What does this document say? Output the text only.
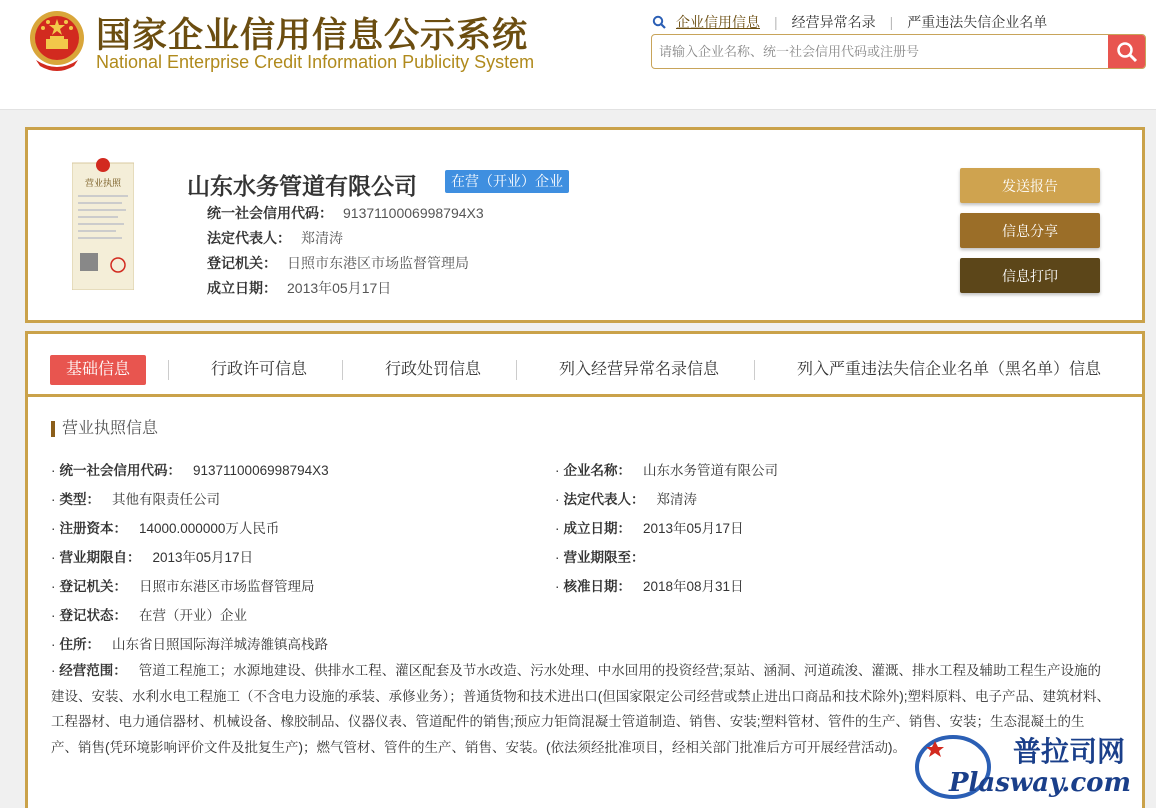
国家企业信用信息公示系统
National Enterprise Credit Information Publicity System
企业信用信息 | 经营异常名录 | 严重违法失信企业名单
请输入企业名称、统一社会信用代码或注册号
营业执照	山东水务管道有限公司	在营（开业）企业
统一社会信用代码： 9137110006998794X3
法定代表人： 郑清涛
登记机关： 日照市东港区市场监督管理局
成立日期： 2013年05月17日
发送报告
信息分享
信息打印
基础信息	行政许可信息	行政处罚信息	列入经营异常名录信息	列入严重违法失信企业名单（黑名单）信息
营业执照信息
· 统一社会信用代码： 9137110006998794X3
· 类型： 其他有限责任公司
· 注册资本： 14000.000000万人民币
· 营业期限自： 2013年05月17日
· 登记机关： 日照市东港区市场监督管理局
· 登记状态： 在营（开业）企业
· 住所： 山东省日照国际海洋城涛雒镇高栈路
· 企业名称： 山东水务管道有限公司
· 法定代表人： 郑清涛
· 成立日期： 2013年05月17日
· 营业期限至：
· 核准日期： 2018年08月31日
· 经营范围： 管道工程施工；水源地建设、供排水工程、灌区配套及节水改造、污水处理、中水回用的投资经营;泵站、涵洞、河道疏浚、灌溉、排水工程及辅助工程生产设施的建设、安装、水利水电工程施工（不含电力设施的承装、承修业务）；普通货物和技术进出口(但国家限定公司经营或禁止进出口商品和技术除外);塑料原料、电子产品、建筑材料、工程器材、电力通信器材、机械设备、橡胶制品、仪器仪表、管道配件的销售;预应力钜筒混凝士管道制造、销售、安装;塑料管材、管件的生产、销售、安装；生态混凝土的生产、销售(凭环境影响评价文件及批复生产)；燃气管材、管件的生产、销售、安装。(依法须经批准项目，经相关部门批准后方可开展经营活动)。	普拉司网
Plasway.com
